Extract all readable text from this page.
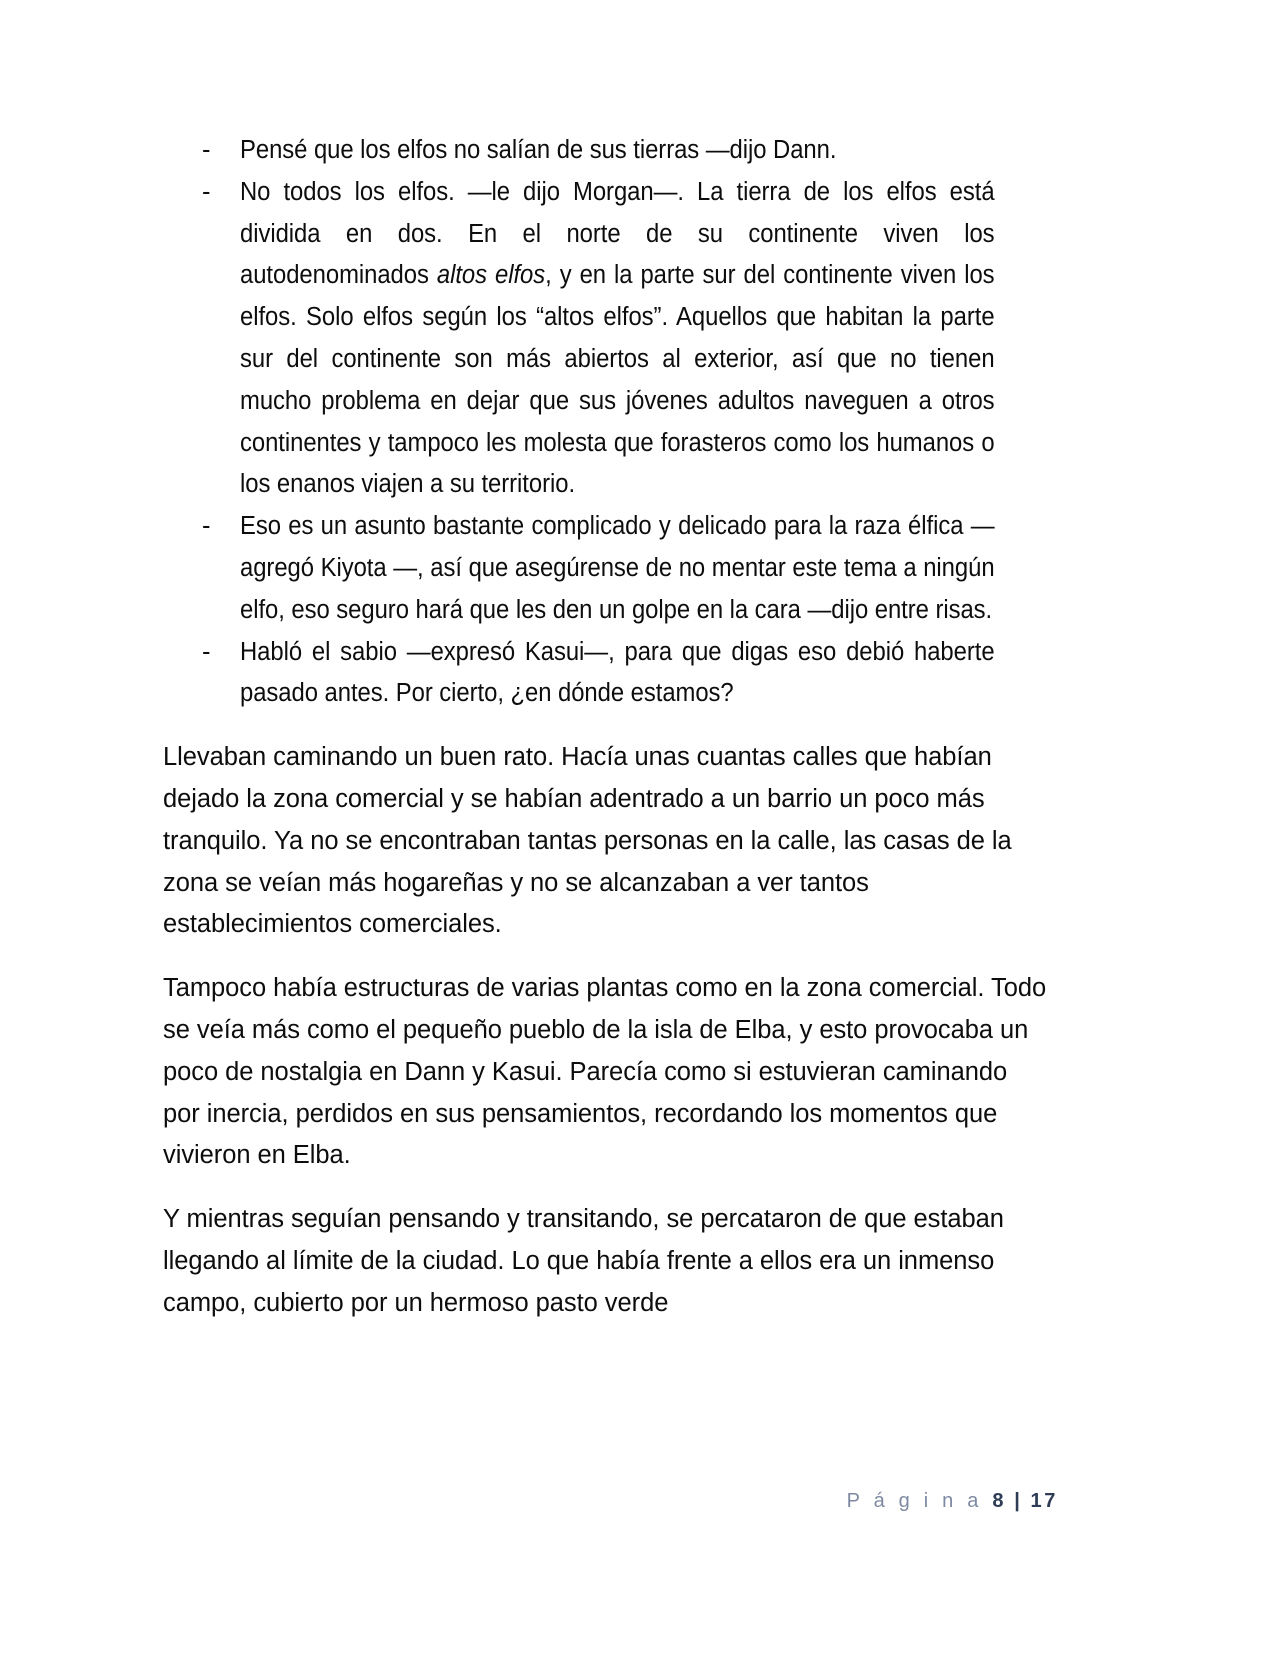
- Pensé que los elfos no salían de sus tierras —dijo Dann.
- No todos los elfos. —le dijo Morgan—. La tierra de los elfos está dividida en dos. En el norte de su continente viven los autodenominados altos elfos, y en la parte sur del continente viven los elfos. Solo elfos según los “altos elfos”. Aquellos que habitan la parte sur del continente son más abiertos al exterior, así que no tienen mucho problema en dejar que sus jóvenes adultos naveguen a otros continentes y tampoco les molesta que forasteros como los humanos o los enanos viajen a su territorio.
- Eso es un asunto bastante complicado y delicado para la raza élfica —agregó Kiyota —, así que asegúrense de no mentar este tema a ningún elfo, eso seguro hará que les den un golpe en la cara —dijo entre risas.
- Habló el sabio —expresó Kasui—, para que digas eso debió haberte pasado antes. Por cierto, ¿en dónde estamos?
Llevaban caminando un buen rato. Hacía unas cuantas calles que habían dejado la zona comercial y se habían adentrado a un barrio un poco más tranquilo. Ya no se encontraban tantas personas en la calle, las casas de la zona se veían más hogareñas y no se alcanzaban a ver tantos establecimientos comerciales.
Tampoco había estructuras de varias plantas como en la zona comercial. Todo se veía más como el pequeño pueblo de la isla de Elba, y esto provocaba un poco de nostalgia en Dann y Kasui. Parecía como si estuvieran caminando por inercia, perdidos en sus pensamientos, recordando los momentos que vivieron en Elba.
Y mientras seguían pensando y transitando, se percataron de que estaban llegando al límite de la ciudad. Lo que había frente a ellos era un inmenso campo, cubierto por un hermoso pasto verde
P á g i n a 8 | 17
